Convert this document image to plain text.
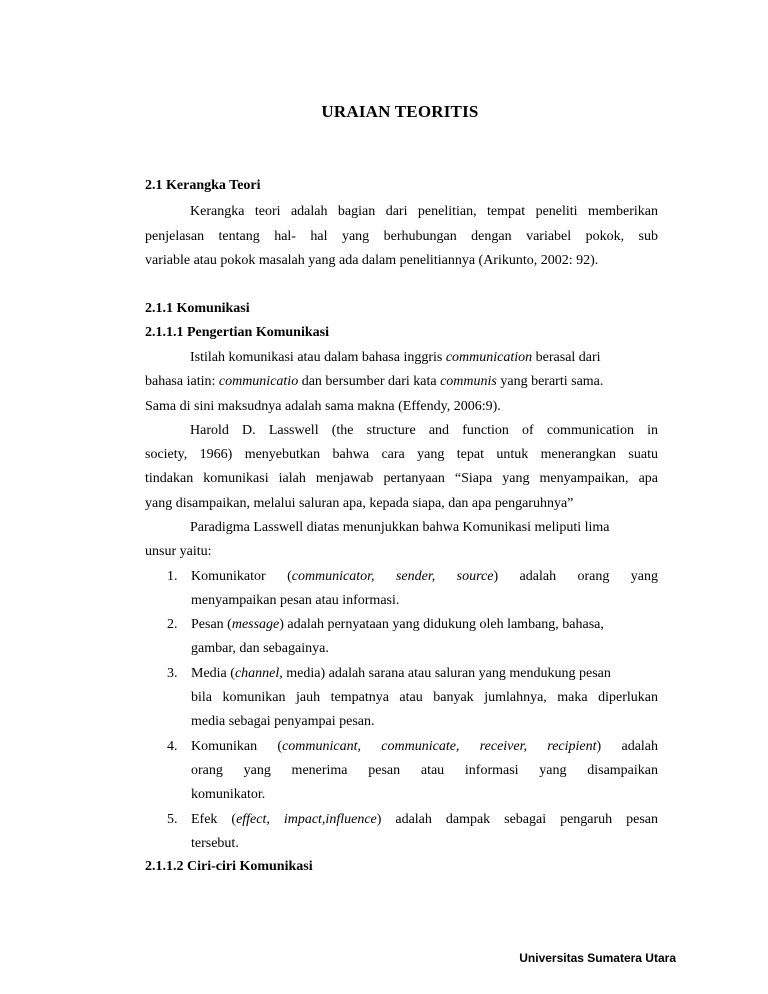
URAIAN TEORITIS
2.1 Kerangka Teori
Kerangka teori adalah bagian dari penelitian, tempat peneliti memberikan
penjelasan tentang hal- hal yang berhubungan dengan variabel pokok, sub
variable atau pokok masalah yang ada dalam penelitiannya (Arikunto, 2002: 92).
2.1.1 Komunikasi
2.1.1.1 Pengertian Komunikasi
Istilah komunikasi atau dalam bahasa inggris communication berasal dari
bahasa iatin: communicatio dan bersumber dari kata communis yang berarti sama.
Sama di sini maksudnya adalah sama makna (Effendy, 2006:9).
Harold D. Lasswell (the structure and function of communication in
society, 1966) menyebutkan bahwa cara yang tepat untuk menerangkan suatu
tindakan komunikasi ialah menjawab pertanyaan “Siapa yang menyampaikan, apa
yang disampaikan, melalui saluran apa, kepada siapa, dan apa pengaruhnya”
Paradigma Lasswell diatas menunjukkan bahwa Komunikasi meliputi lima
unsur yaitu:
1. Komunikator (communicator, sender, source) adalah orang yang
menyampaikan pesan atau informasi.
2. Pesan (message) adalah pernyataan yang didukung oleh lambang, bahasa,
gambar, dan sebagainya.
3. Media (channel, media) adalah sarana atau saluran yang mendukung pesan
bila komunikan jauh tempatnya atau banyak jumlahnya, maka diperlukan
media sebagai penyampai pesan.
4. Komunikan (communicant, communicate, receiver, recipient) adalah
orang yang menerima pesan atau informasi yang disampaikan
komunikator.
5. Efek (effect, impact,influence) adalah dampak sebagai pengaruh pesan
tersebut.
2.1.1.2 Ciri-ciri Komunikasi
Universitas Sumatera Utara
